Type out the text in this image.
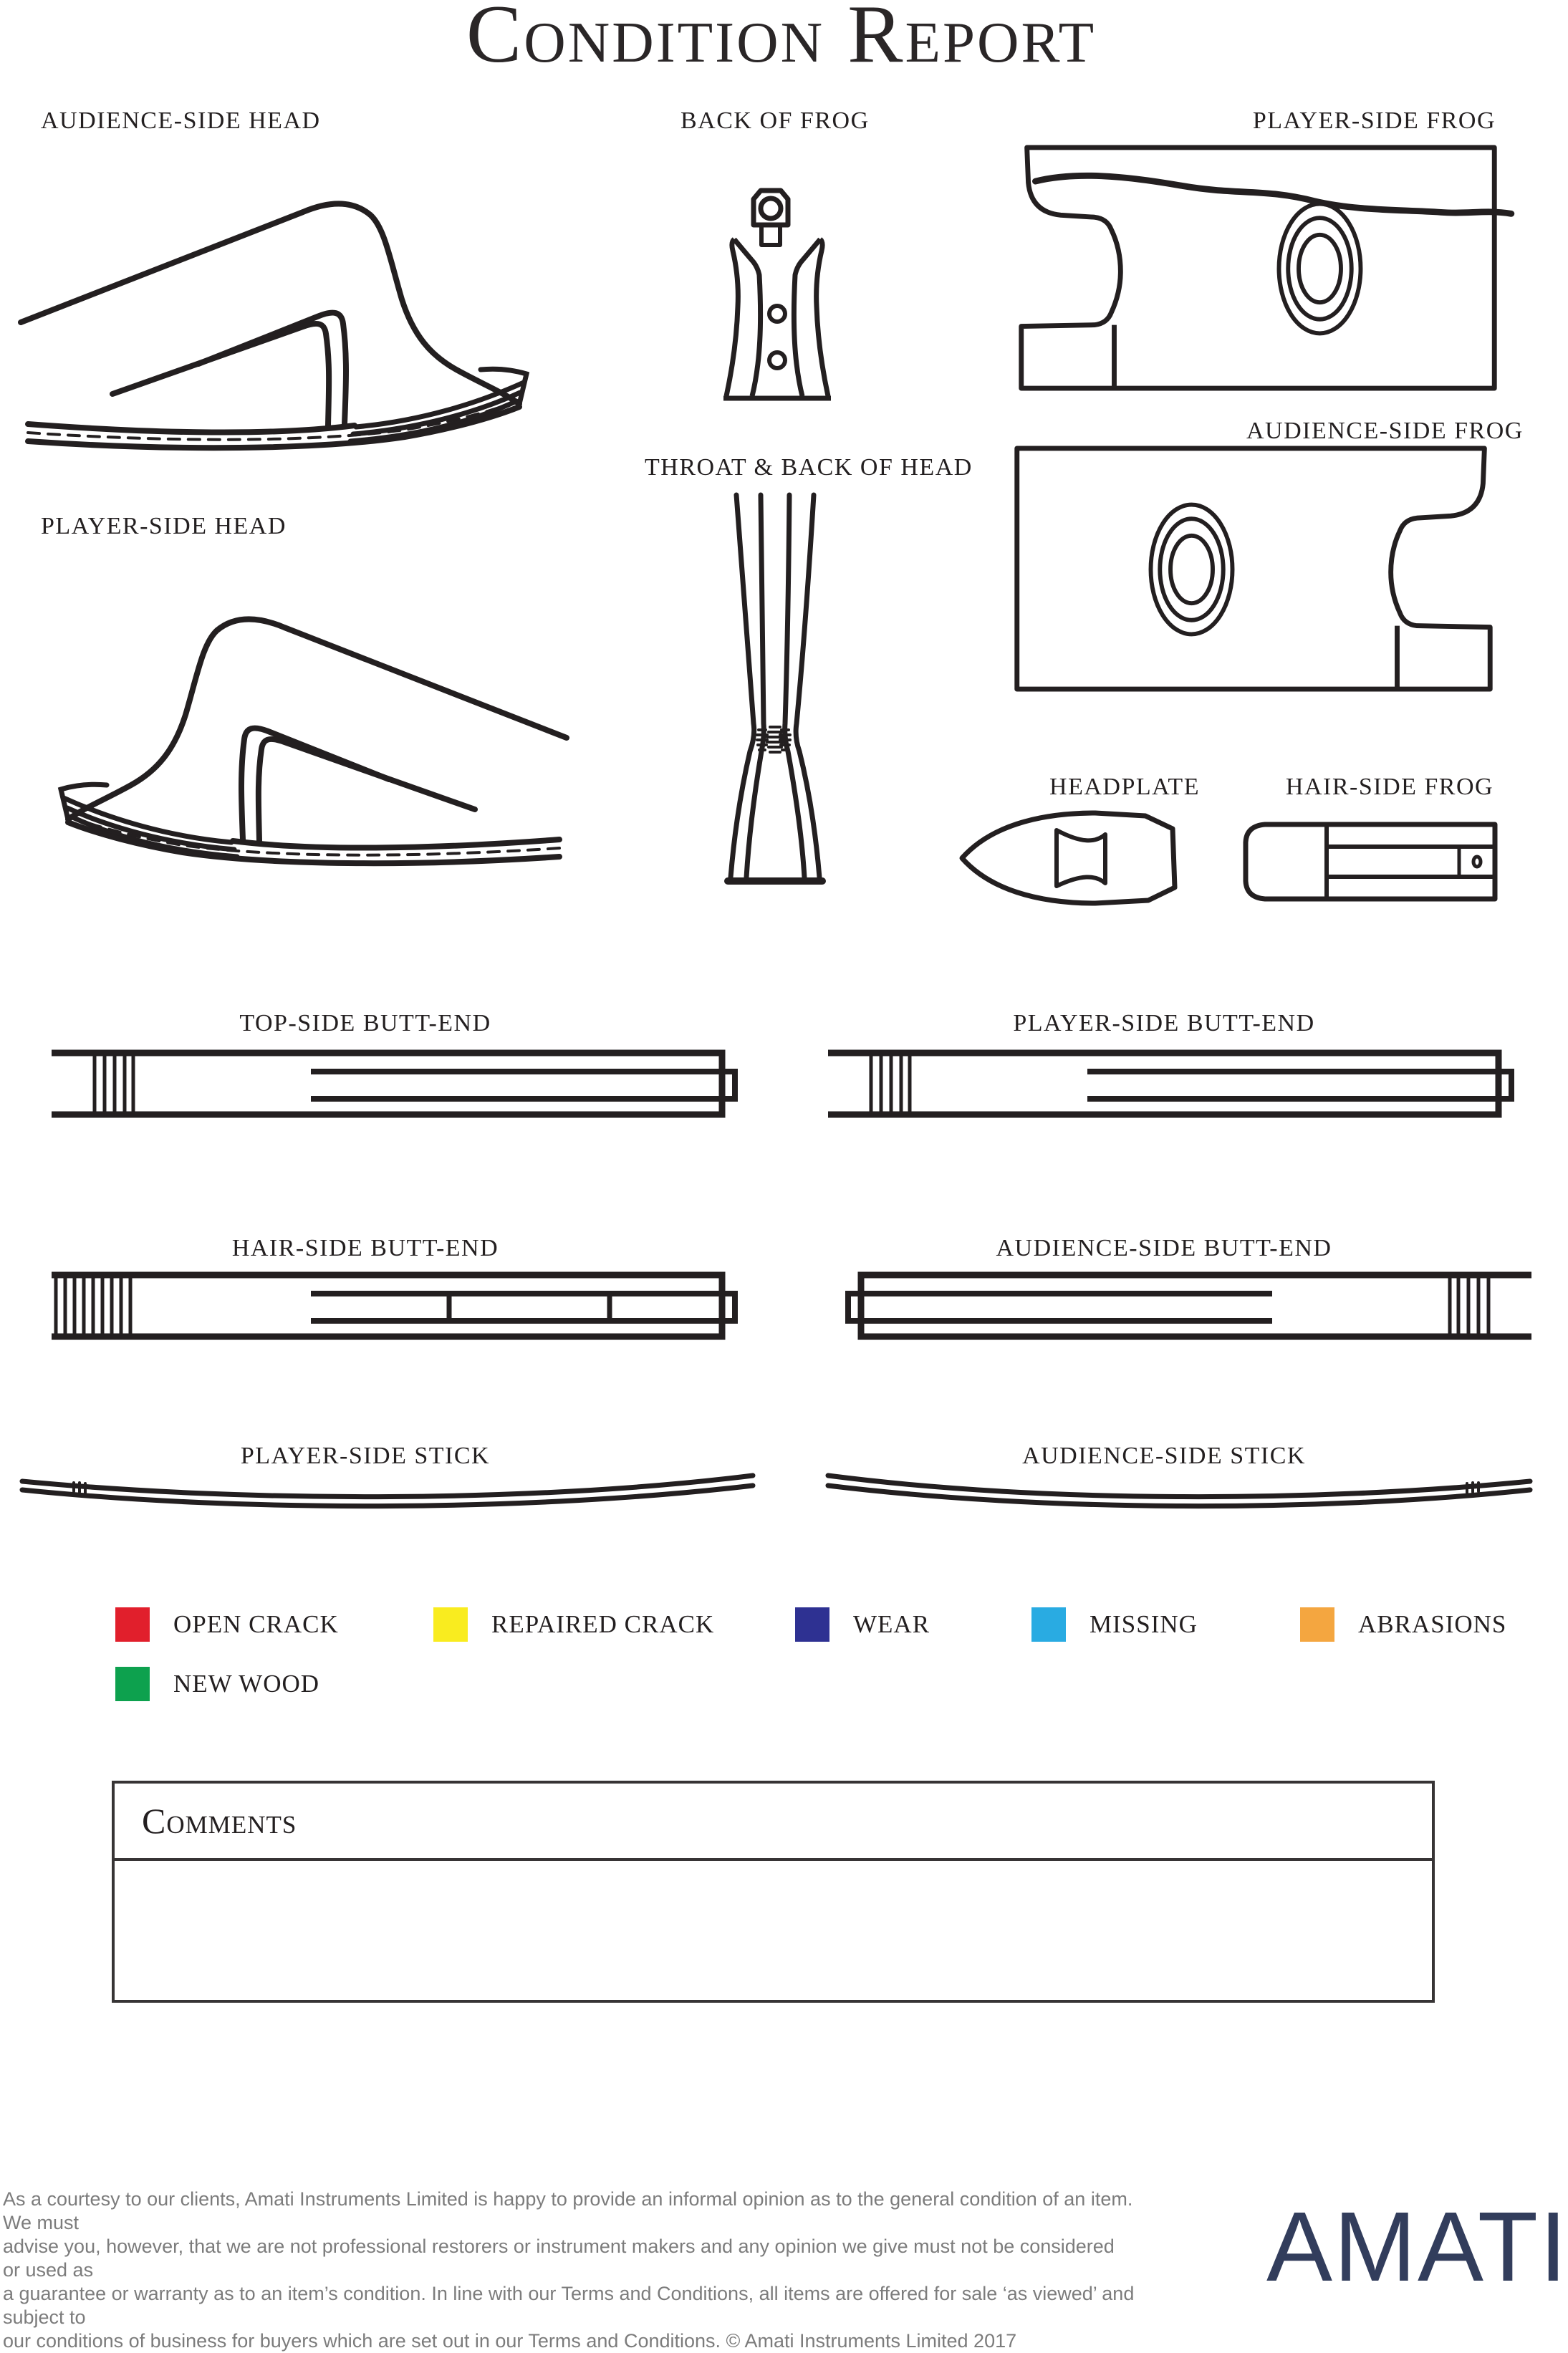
Condition Report
AUDIENCE-SIDE HEAD	BACK OF FROG	PLAYER-SIDE FROG
AUDIENCE-SIDE FROG
PLAYER-SIDE HEAD
THROAT & BACK OF HEAD
HEADPLATE	HAIR-SIDE FROG
TOP-SIDE BUTT-END	PLAYER-SIDE BUTT-END
HAIR-SIDE BUTT-END	AUDIENCE-SIDE BUTT-END
PLAYER-SIDE STICK	AUDIENCE-SIDE STICK
OPEN CRACK	REPAIRED CRACK	WEAR	MISSING	ABRASIONS
NEW WOOD
Comments
As a courtesy to our clients, Amati Instruments Limited is happy to provide an informal opinion as to the general condition of an item. We must
advise you, however, that we are not professional restorers or instrument makers and any opinion we give must not be considered or used as
a guarantee or warranty as to an item’s condition. In line with our Terms and Conditions, all items are offered for sale ‘as viewed’ and subject to
our conditions of business for buyers which are set out in our Terms and Conditions. © Amati Instruments Limited 2017
AMATI
